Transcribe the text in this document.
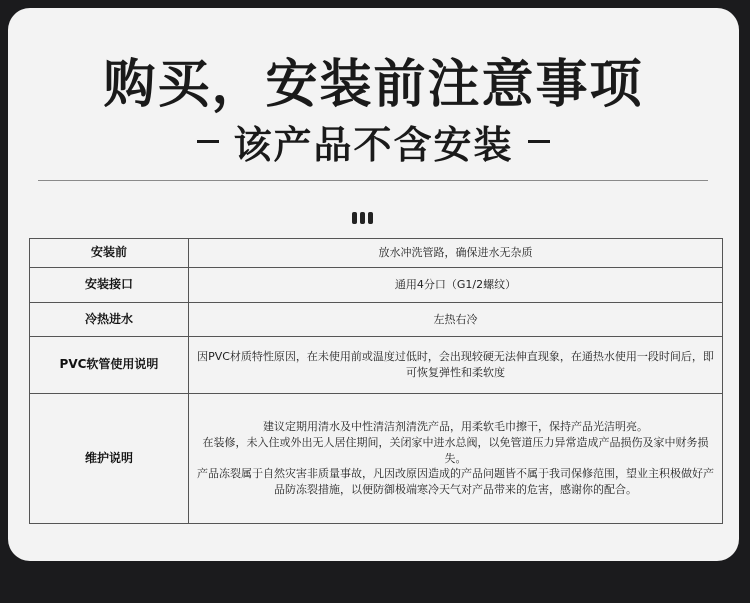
购买，安装前注意事项
该产品不含安装
安装前	放水冲洗管路，确保进水无杂质

安装接口	通用4分口（G1/2螺纹）

冷热进水	左热右冷

PVC软管使用说明	因PVC材质特性原因，在未使用前或温度过低时，会出现较硬无法伸直现象，在通热水使用一段时间后，即可恢复弹性和柔软度

维护说明	建议定期用清水及中性清洁剂清洗产品，用柔软毛巾擦干，保持产品光洁明亮。

在装修，未入住或外出无人居住期间，关闭家中进水总阀，以免管道压力异常造成产品损伤及家中财务损失。

产品冻裂属于自然灾害非质量事故，凡因改原因造成的产品问题皆不属于我司保修范围，望业主积极做好产品防冻裂措施，以便防御极端寒冷天气对产品带来的危害，感谢你的配合。
